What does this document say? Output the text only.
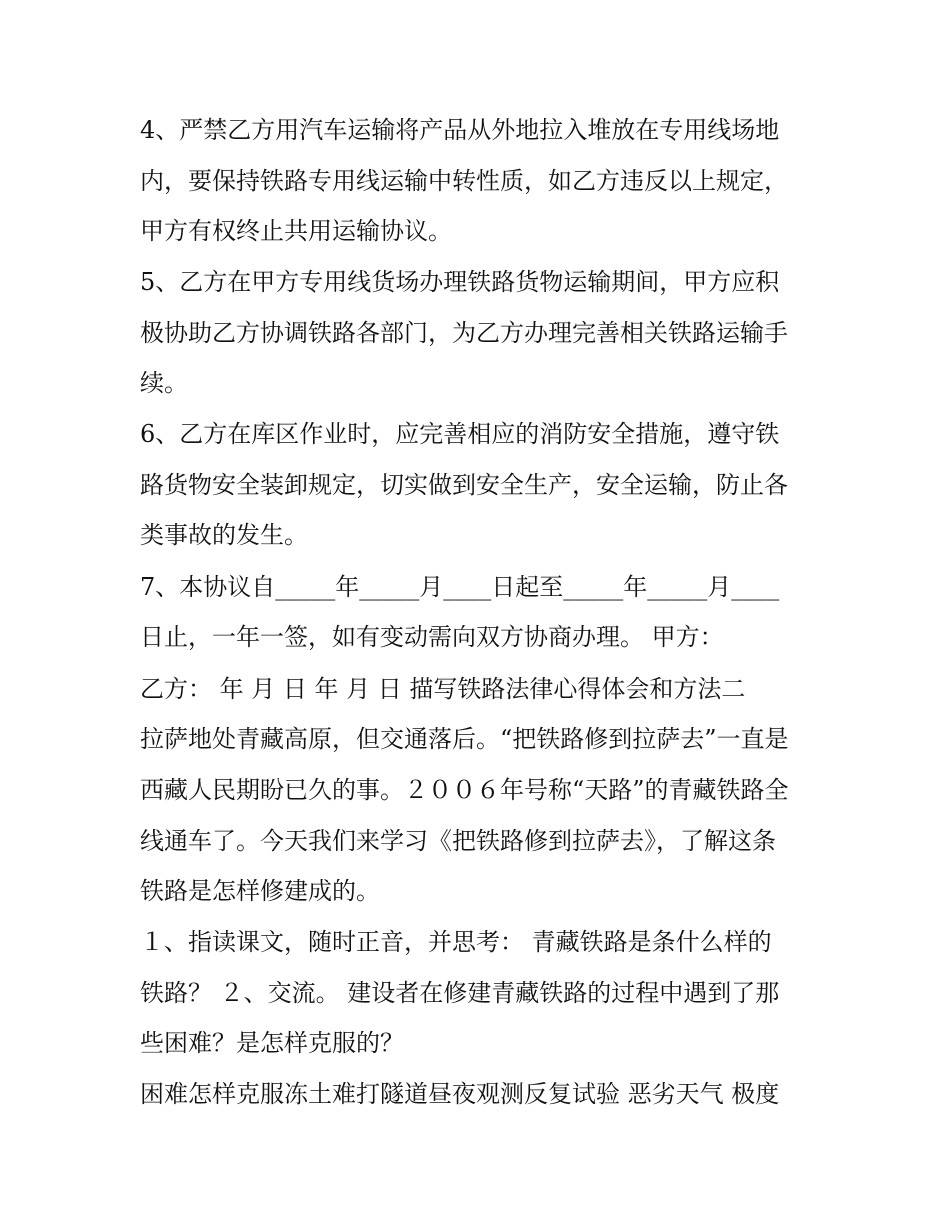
4、严禁乙方用汽车运输将产品从外地拉入堆放在专用线场地
内，要保持铁路专用线运输中转性质，如乙方违反以上规定，
甲方有权终止共用运输协议。
5、乙方在甲方专用线货场办理铁路货物运输期间，甲方应积
极协助乙方协调铁路各部门，为乙方办理完善相关铁路运输手
续。
6、乙方在库区作业时，应完善相应的消防安全措施，遵守铁
路货物安全装卸规定，切实做到安全生产，安全运输，防止各
类事故的发生。
7、本协议自_____年_____月____日起至_____年_____月____
日止，一年一签，如有变动需向双方协商办理。 甲方：
乙方： 年 月 日 年 月 日 描写铁路法律心得体会和方法二
拉萨地处青藏高原，但交通落后。“把铁路修到拉萨去”一直是
西藏人民期盼已久的事。２００６年号称“天路”的青藏铁路全
线通车了。今天我们来学习《把铁路修到拉萨去》，了解这条
铁路是怎样修建成的。
１、指读课文，随时正音，并思考： 青藏铁路是条什么样的
铁路？ ２、交流。 建设者在修建青藏铁路的过程中遇到了那
些困难？是怎样克服的？
困难怎样克服冻土难打隧道昼夜观测反复试验 恶劣天气 极度
